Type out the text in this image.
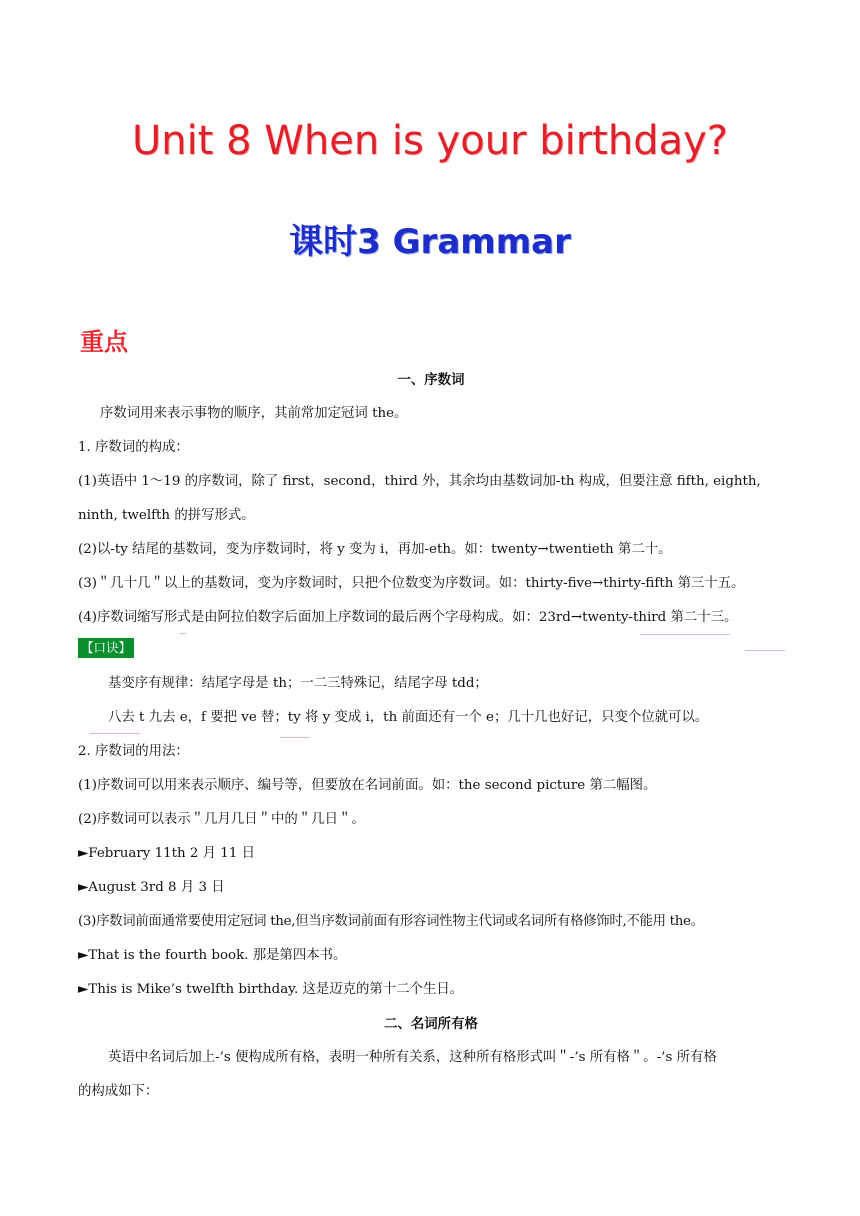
Unit 8 When is your birthday?
课时3 Grammar
重点
一、序数词
序数词用来表示事物的顺序，其前常加定冠词 the。
1. 序数词的构成：
(1)英语中 1～19 的序数词，除了 first，second，third 外，其余均由基数词加-th 构成，但要注意 fifth, eighth,
ninth, twelfth 的拼写形式。
(2)以-ty 结尾的基数词，变为序数词时，将 y 变为 i，再加-eth。如：twenty→twentieth 第二十。
(3)＂几十几＂以上的基数词，变为序数词时，只把个位数变为序数词。如：thirty-five→thirty-fifth 第三十五。
(4)序数词缩写形式是由阿拉伯数字后面加上序数词的最后两个字母构成。如：23rd→twenty-third 第二十三。
【口诀】
基变序有规律：结尾字母是 th；一二三特殊记，结尾字母 tdd；
八去 t 九去 e，f 要把 ve 替；ty 将 y 变成 i，th 前面还有一个 e；几十几也好记，只变个位就可以。
2. 序数词的用法：
(1)序数词可以用来表示顺序、编号等，但要放在名词前面。如：the second picture 第二幅图。
(2)序数词可以表示＂几月几日＂中的＂几日＂。
►February 11th 2 月 11 日
►August 3rd 8 月 3 日
(3)序数词前面通常要使用定冠词 the,但当序数词前面有形容词性物主代词或名词所有格修饰时,不能用 the。
►That is the fourth book. 那是第四本书。
►This is Mike’s twelfth birthday. 这是迈克的第十二个生日。
二、名词所有格
英语中名词后加上-’s 便构成所有格，表明一种所有关系，这种所有格形式叫＂-’s 所有格＂。-’s 所有格
的构成如下：
